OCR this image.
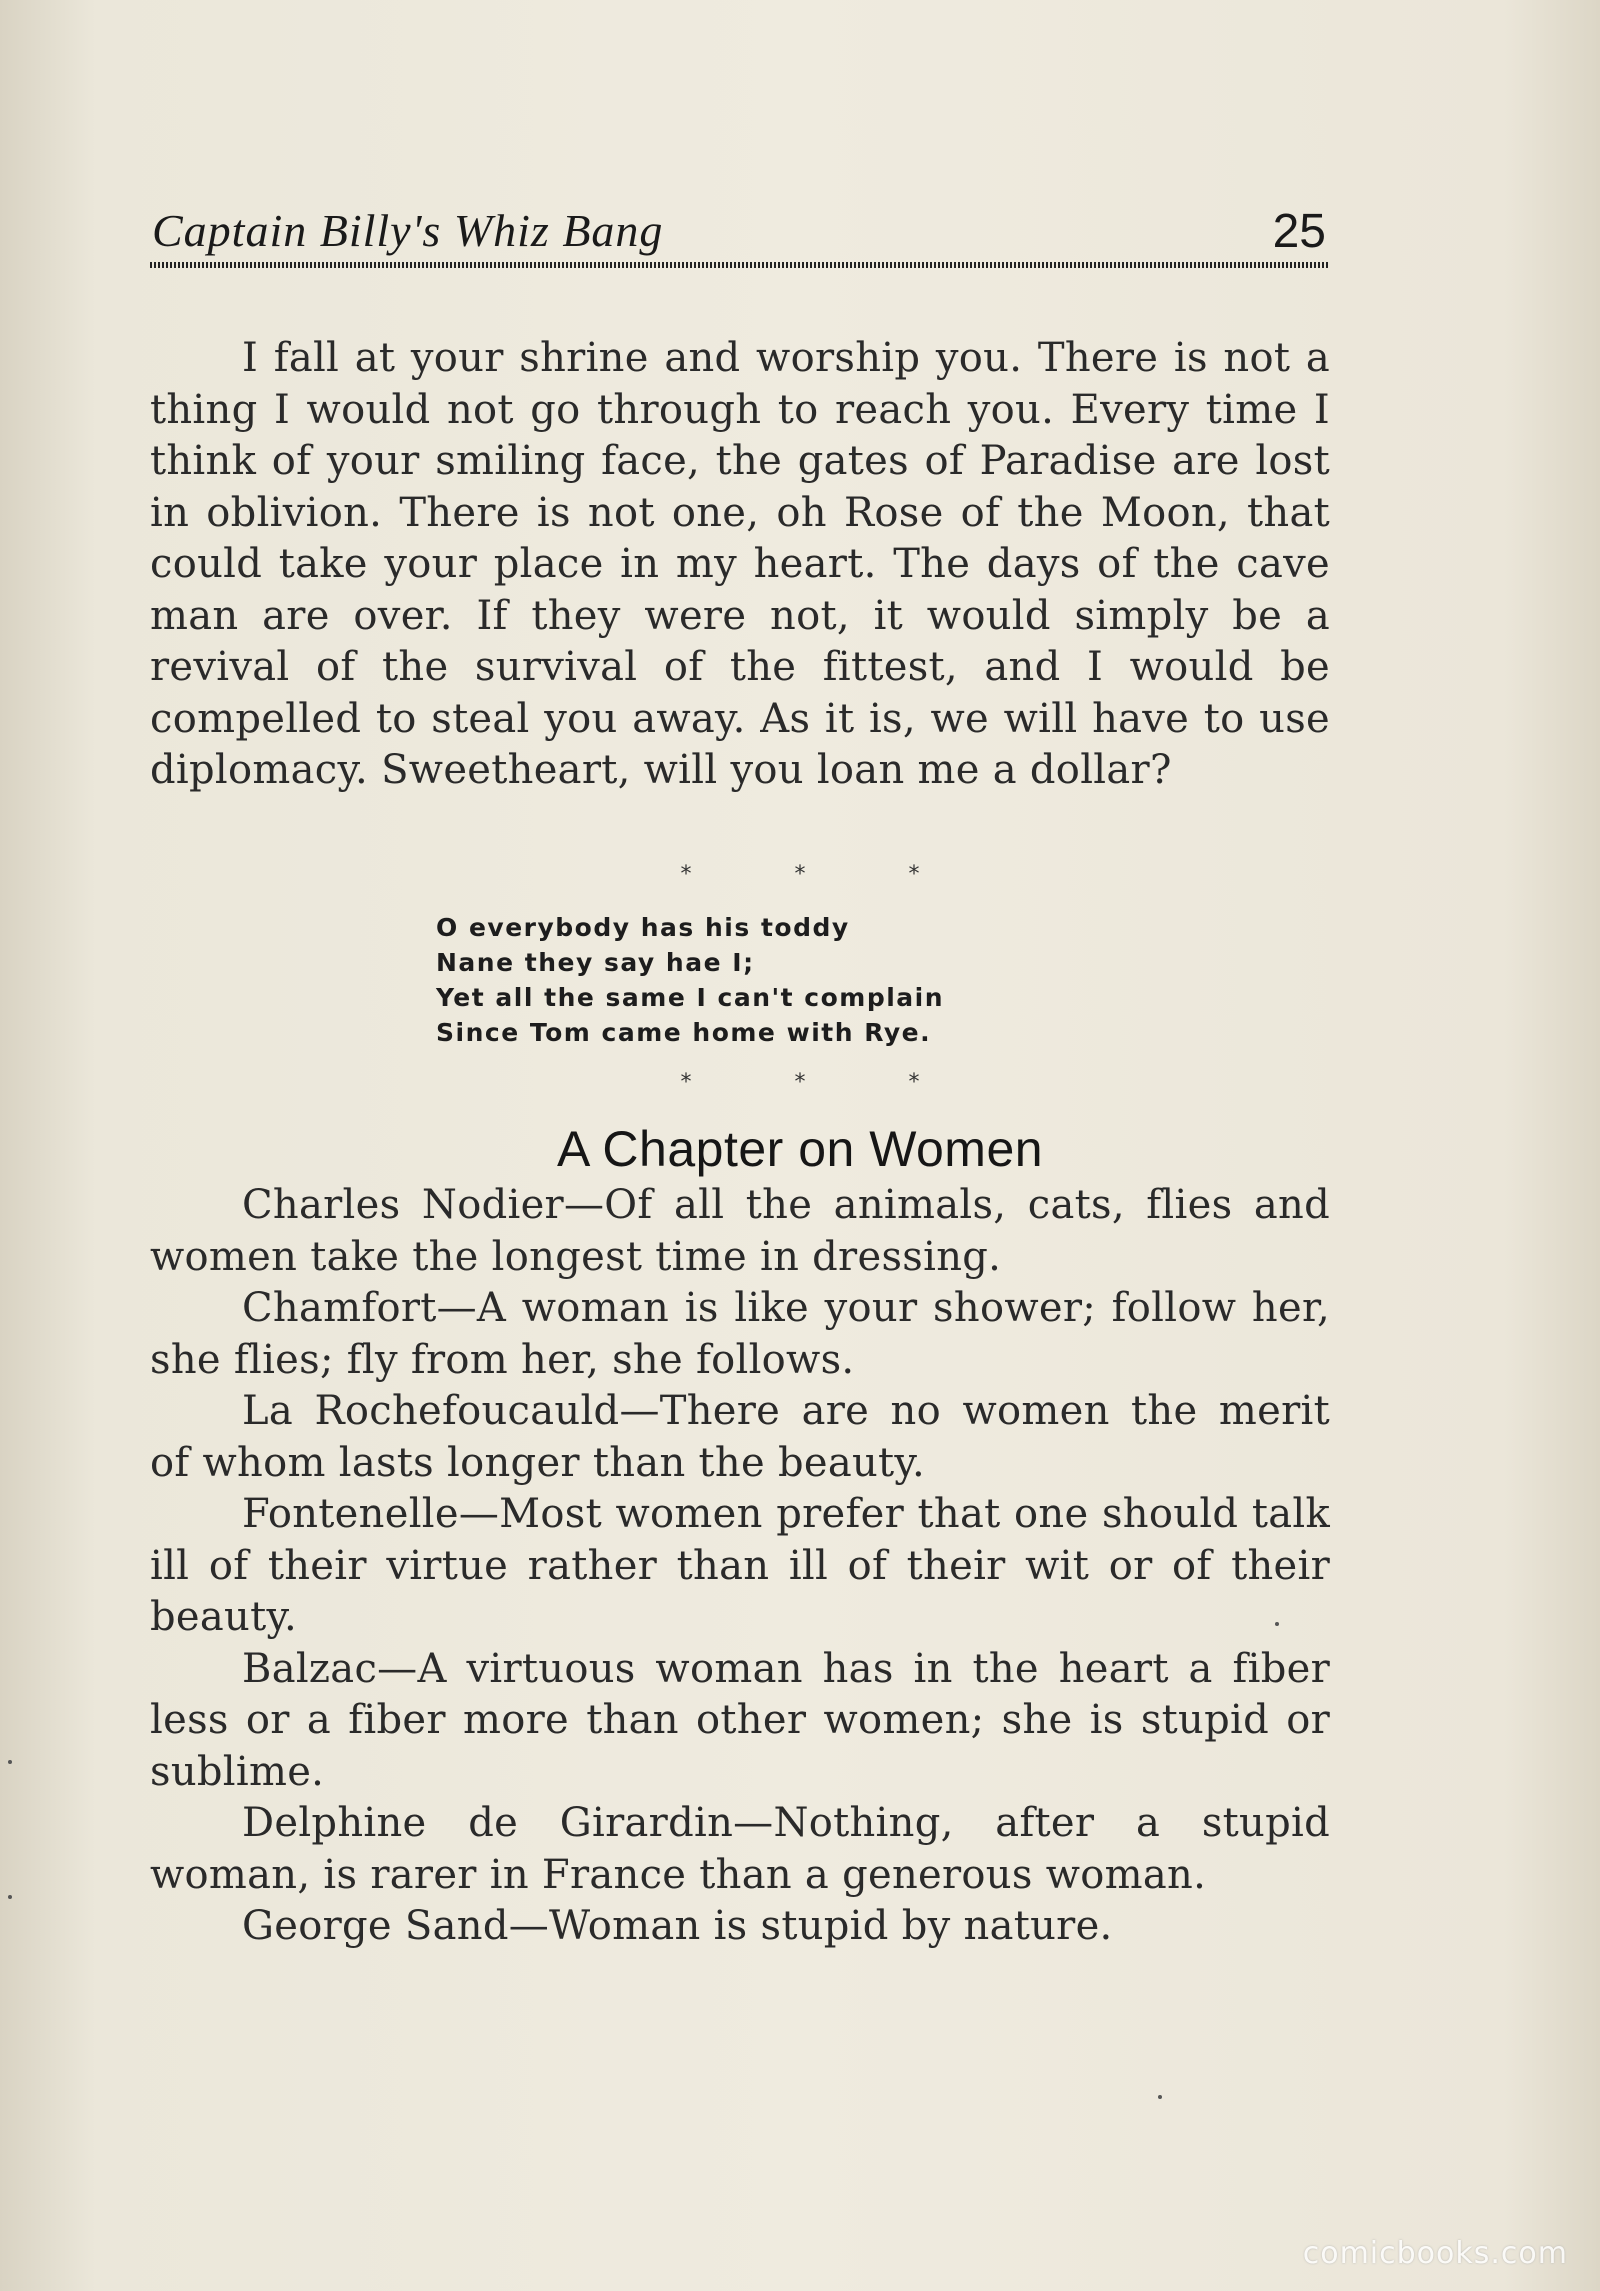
Captain Billy's Whiz Bang	25
I fall at your shrine and worship you. There is not a thing I would not go through to reach you. Every time I think of your smiling face, the gates of Paradise are lost in oblivion. There is not one, oh Rose of the Moon, that could take your place in my heart. The days of the cave man are over. If they were not, it would simply be a revival of the survival of the fittest, and I would be compelled to steal you away. As it is, we will have to use diplomacy. Sweetheart, will you loan me a dollar?
* * *
O everybody has his toddy
Nane they say hae I;
Yet all the same I can't complain
Since Tom came home with Rye.
* * *
A Chapter on Women

Charles Nodier—Of all the animals, cats, flies and women take the longest time in dressing.

Chamfort—A woman is like your shower; follow her, she flies; fly from her, she follows.

La Rochefoucauld—There are no women the merit of whom lasts longer than the beauty.

Fontenelle—Most women prefer that one should talk ill of their virtue rather than ill of their wit or of their beauty.

Balzac—A virtuous woman has in the heart a fiber less or a fiber more than other women; she is stupid or sublime.

Delphine de Girardin—Nothing, after a stupid woman, is rarer in France than a generous woman.

George Sand—Woman is stupid by nature.

comicbooks.com
